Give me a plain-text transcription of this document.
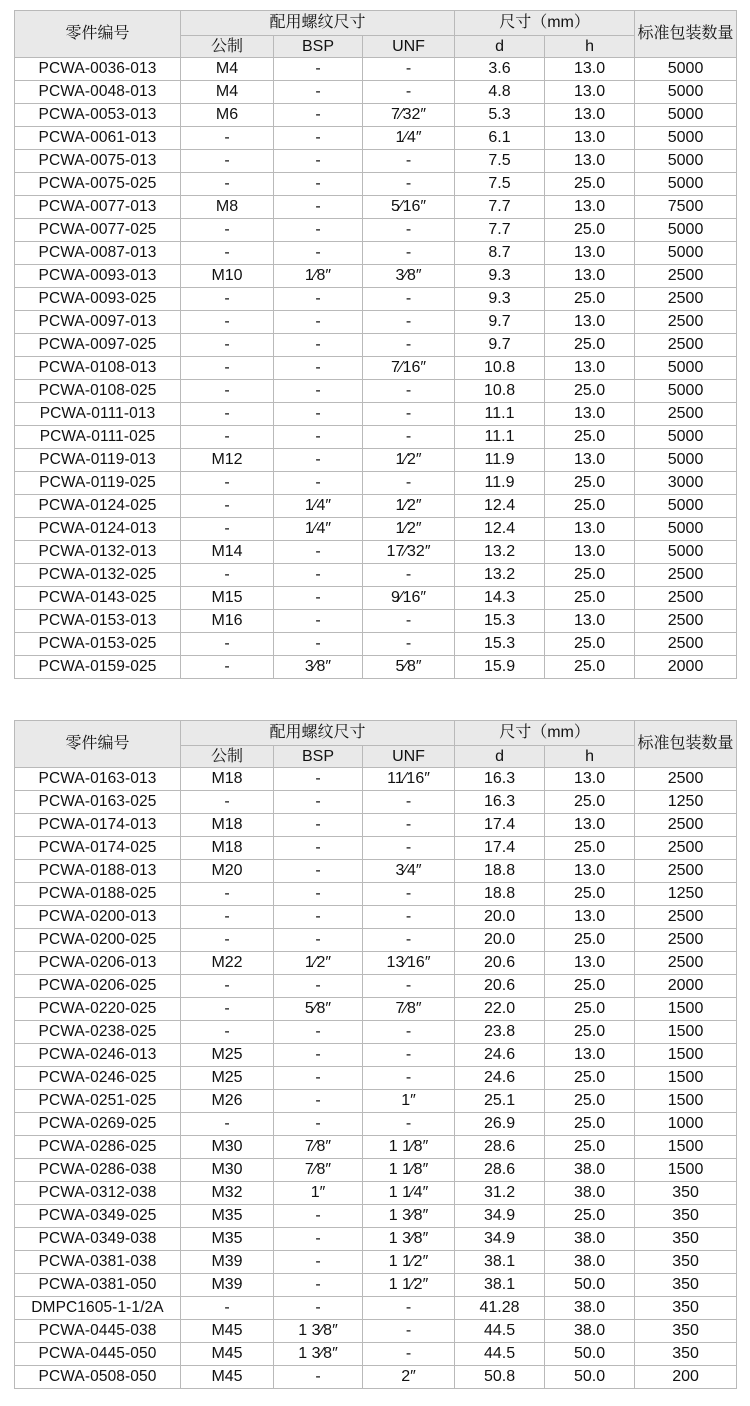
零件编号	配用螺纹尺寸			尺寸（mm）		标准包装数量
	公制	BSP	UNF	d	h	
PCWA-0036-013	M4	-	-	3.6	13.0	5000
PCWA-0048-013	M4	-	-	4.8	13.0	5000
PCWA-0053-013	M6	-	7⁄32″	5.3	13.0	5000
PCWA-0061-013	-	-	1⁄4″	6.1	13.0	5000
PCWA-0075-013	-	-	-	7.5	13.0	5000
PCWA-0075-025	-	-	-	7.5	25.0	5000
PCWA-0077-013	M8	-	5⁄16″	7.7	13.0	7500
PCWA-0077-025	-	-	-	7.7	25.0	5000
PCWA-0087-013	-	-	-	8.7	13.0	5000
PCWA-0093-013	M10	1⁄8″	3⁄8″	9.3	13.0	2500
PCWA-0093-025	-	-	-	9.3	25.0	2500
PCWA-0097-013	-	-	-	9.7	13.0	2500
PCWA-0097-025	-	-	-	9.7	25.0	2500
PCWA-0108-013	-	-	7⁄16″	10.8	13.0	5000
PCWA-0108-025	-	-	-	10.8	25.0	5000
PCWA-0111-013	-	-	-	11.1	13.0	2500
PCWA-0111-025	-	-	-	11.1	25.0	5000
PCWA-0119-013	M12	-	1⁄2″	11.9	13.0	5000
PCWA-0119-025	-	-	-	11.9	25.0	3000
PCWA-0124-025	-	1⁄4″	1⁄2″	12.4	25.0	5000
PCWA-0124-013	-	1⁄4″	1⁄2″	12.4	13.0	5000
PCWA-0132-013	M14	-	17⁄32″	13.2	13.0	5000
PCWA-0132-025	-	-	-	13.2	25.0	2500
PCWA-0143-025	M15	-	9⁄16″	14.3	25.0	2500
PCWA-0153-013	M16	-	-	15.3	13.0	2500
PCWA-0153-025	-	-	-	15.3	25.0	2500
PCWA-0159-025	-	3⁄8″	5⁄8″	15.9	25.0	2000
零件编号	配用螺纹尺寸			尺寸（mm）		标准包装数量
	公制	BSP	UNF	d	h	
PCWA-0163-013	M18	-	11⁄16″	16.3	13.0	2500
PCWA-0163-025	-	-	-	16.3	25.0	1250
PCWA-0174-013	M18	-	-	17.4	13.0	2500
PCWA-0174-025	M18	-	-	17.4	25.0	2500
PCWA-0188-013	M20	-	3⁄4″	18.8	13.0	2500
PCWA-0188-025	-	-	-	18.8	25.0	1250
PCWA-0200-013	-	-	-	20.0	13.0	2500
PCWA-0200-025	-	-	-	20.0	25.0	2500
PCWA-0206-013	M22	1⁄2″	13⁄16″	20.6	13.0	2500
PCWA-0206-025	-	-	-	20.6	25.0	2000
PCWA-0220-025	-	5⁄8″	7⁄8″	22.0	25.0	1500
PCWA-0238-025	-	-	-	23.8	25.0	1500
PCWA-0246-013	M25	-	-	24.6	13.0	1500
PCWA-0246-025	M25	-	-	24.6	25.0	1500
PCWA-0251-025	M26	-	1″	25.1	25.0	1500
PCWA-0269-025	-	-	-	26.9	25.0	1000
PCWA-0286-025	M30	7⁄8″	1 1⁄8″	28.6	25.0	1500
PCWA-0286-038	M30	7⁄8″	1 1⁄8″	28.6	38.0	1500
PCWA-0312-038	M32	1″	1 1⁄4″	31.2	38.0	350
PCWA-0349-025	M35	-	1 3⁄8″	34.9	25.0	350
PCWA-0349-038	M35	-	1 3⁄8″	34.9	38.0	350
PCWA-0381-038	M39	-	1 1⁄2″	38.1	38.0	350
PCWA-0381-050	M39	-	1 1⁄2″	38.1	50.0	350
DMPC1605-1-1/2A	-	-	-	41.28	38.0	350
PCWA-0445-038	M45	1 3⁄8″	-	44.5	38.0	350
PCWA-0445-050	M45	1 3⁄8″	-	44.5	50.0	350
PCWA-0508-050	M45	-	2″	50.8	50.0	200
